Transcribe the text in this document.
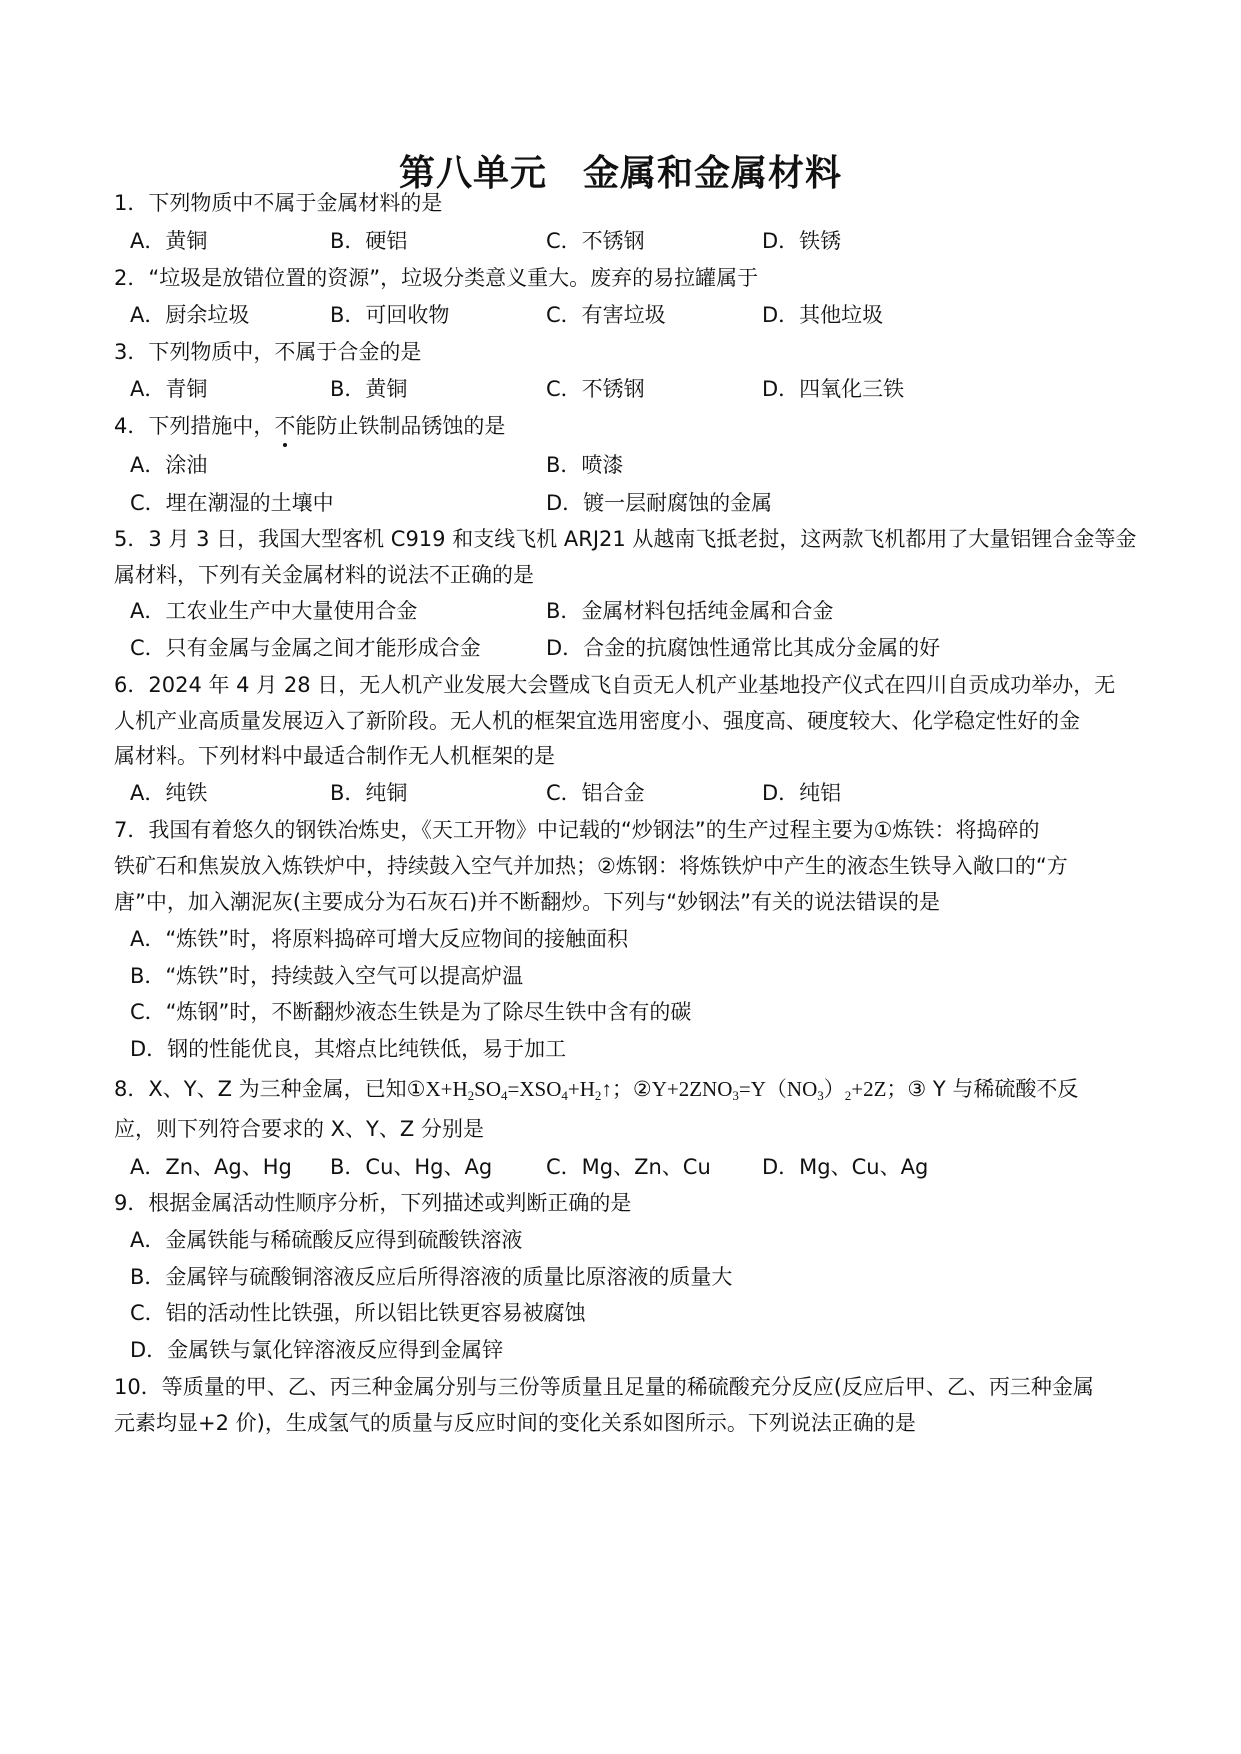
第八单元 金属和金属材料
1．下列物质中不属于金属材料的是
A．黄铜	B．硬铝	C．不锈钢	D．铁锈
2．“垃圾是放错位置的资源”，垃圾分类意义重大。废弃的易拉罐属于
A．厨余垃圾	B．可回收物	C．有害垃圾	D．其他垃圾
3．下列物质中，不属于合金的是
A．青铜	B．黄铜	C．不锈钢	D．四氧化三铁
4．下列措施中，不能防止铁制品锈蚀的是
A．涂油	B．喷漆
C．埋在潮湿的土壤中	D．镀一层耐腐蚀的金属
5．3 月 3 日，我国大型客机 C919 和支线飞机 ARJ21 从越南飞抵老挝，这两款飞机都用了大量铝锂合金等金
属材料，下列有关金属材料的说法不正确的是
A．工农业生产中大量使用合金	B．金属材料包括纯金属和合金
C．只有金属与金属之间才能形成合金	D．合金的抗腐蚀性通常比其成分金属的好
6．2024 年 4 月 28 日，无人机产业发展大会暨成飞自贡无人机产业基地投产仪式在四川自贡成功举办，无
人机产业高质量发展迈入了新阶段。无人机的框架宜选用密度小、强度高、硬度较大、化学稳定性好的金
属材料。下列材料中最适合制作无人机框架的是
A．纯铁	B．纯铜	C．铝合金	D．纯铝
7．我国有着悠久的钢铁冶炼史，《天工开物》中记载的“炒钢法”的生产过程主要为①炼铁：将捣碎的
铁矿石和焦炭放入炼铁炉中，持续鼓入空气并加热；②炼钢：将炼铁炉中产生的液态生铁导入敞口的“方
唐”中，加入潮泥灰(主要成分为石灰石)并不断翻炒。下列与“妙钢法”有关的说法错误的是
A．“炼铁”时，将原料捣碎可增大反应物间的接触面积
B．“炼铁”时，持续鼓入空气可以提高炉温
C．“炼钢”时，不断翻炒液态生铁是为了除尽生铁中含有的碳
D．钢的性能优良，其熔点比纯铁低，易于加工
8．X、Y、Z 为三种金属，已知$①X+H_2SO_4=XSO_4+H_2↑$；$②Y+2ZNO_3=Y(NO_3)_2+2Z$；③ Y 与稀硫酸不反
应，则下列符合要求的 X、Y、Z 分别是
A．Zn、Ag、Hg B．Cu、Hg、Ag	C．Mg、Zn、Cu D．Mg、Cu、Ag
9．根据金属活动性顺序分析，下列描述或判断正确的是
A．金属铁能与稀硫酸反应得到硫酸铁溶液
B．金属锌与硫酸铜溶液反应后所得溶液的质量比原溶液的质量大
C．铝的活动性比铁强，所以铝比铁更容易被腐蚀
D．金属铁与氯化锌溶液反应得到金属锌
10．等质量的甲、乙、丙三种金属分别与三份等质量且足量的稀硫酸充分反应(反应后甲、乙、丙三种金属
元素均显+2 价)，生成氢气的质量与反应时间的变化关系如图所示。下列说法正确的是
